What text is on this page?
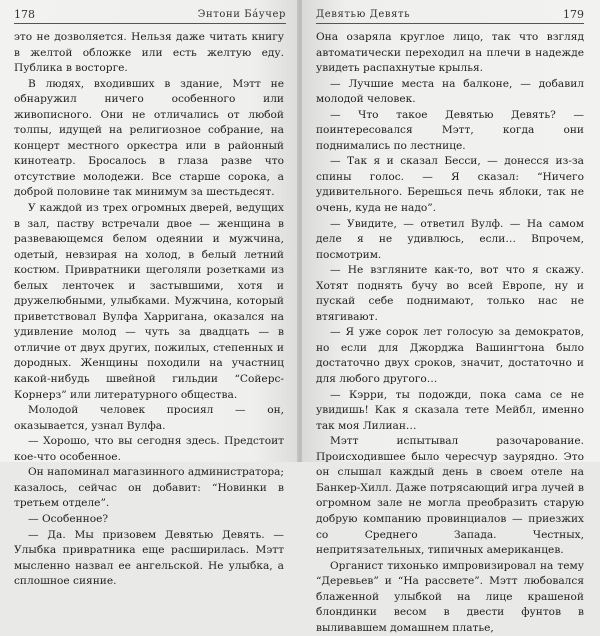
178	Энтони Бáучер

это не дозволяется. Нельзя даже читать книгу в желтой обложке или есть желтую еду. Публика в восторге.

В людях, входивших в здание, Мэтт не обнаружил ничего особенного или живописного. Они не отличались от любой толпы, идущей на религиозное собрание, на концерт местного оркестра или в районный кинотеатр. Бросалось в глаза разве что отсутствие молодежи. Все старше сорока, а доброй половине так минимум за шестьдесят.

У каждой из трех огромных дверей, ведущих в зал, паству встречали двое — женщина в развевающемся белом одеянии и мужчина, одетый, невзирая на холод, в белый летний костюм. Привратники щеголяли розетками из белых ленточек и застывшими, хотя и дружелюбными, улыбками. Мужчина, который приветствовал Вулфа Харригана, оказался на удивление молод — чуть за двадцать — в отличие от двух других, пожилых, степенных и дородных. Женщины походили на участниц какой-нибудь швейной гильдии “Сойерс-Корнерз” или литературного общества.

Молодой человек просиял — он, оказывается, узнал Вулфа.

— Хорошо, что вы сегодня здесь. Предстоит кое-что особенное.

Он напоминал магазинного администратора; казалось, сейчас он добавит: “Новинки в третьем отделе”.

— Особенное?

— Да. Мы призовем Девятью Девять. — Улыбка привратника еще расширилась. Мэтт мысленно назвал ее ангельской. Не улыбка, а сплошное сияние.

Девятью Девять	179

Она озаряла круглое лицо, так что взгляд автоматически переходил на плечи в надежде увидеть распахнутые крылья.

— Лучшие места на балконе, — добавил молодой человек.

— Что такое Девятью Девять? — поинтересовался Мэтт, когда они поднимались по лестнице.

— Так я и сказал Бесси, — донесся из-за спины голос. — Я сказал: “Ничего удивительного. Берешься печь яблоки, так не очень, куда не надо”.

— Увидите, — ответил Вулф. — На самом деле я не удивлюсь, если… Впрочем, посмотрим.

— Не взгляните как-то, вот что я скажу. Хотят поднять бучу во всей Европе, ну и пускай себе поднимают, только нас не втягивают.

— Я уже сорок лет голосую за демократов, но если для Джорджа Вашингтона было достаточно двух сроков, значит, достаточно и для любого другого…

— Кэрри, ты подожди, пока сама се не увидишь! Как я сказала тете Мейбл, именно так моя Лилиан…

Мэтт испытывал разочарование. Происходившее было чересчур заурядно. Это он слышал каждый день в своем отеле на Банкер-Хилл. Даже потрясающий игра лучей в огромном зале не могла преобразить старую добрую компанию провинциалов — приезжих со Среднего Запада. Честных, непритязательных, типичных американцев.

Органист тихонько импровизировал на тему “Деревьев” и “На рассвете”. Мэтт любовался блаженной улыбкой на лице крашеной блондинки весом в двести фунтов в выливавшем домашнем платье,
